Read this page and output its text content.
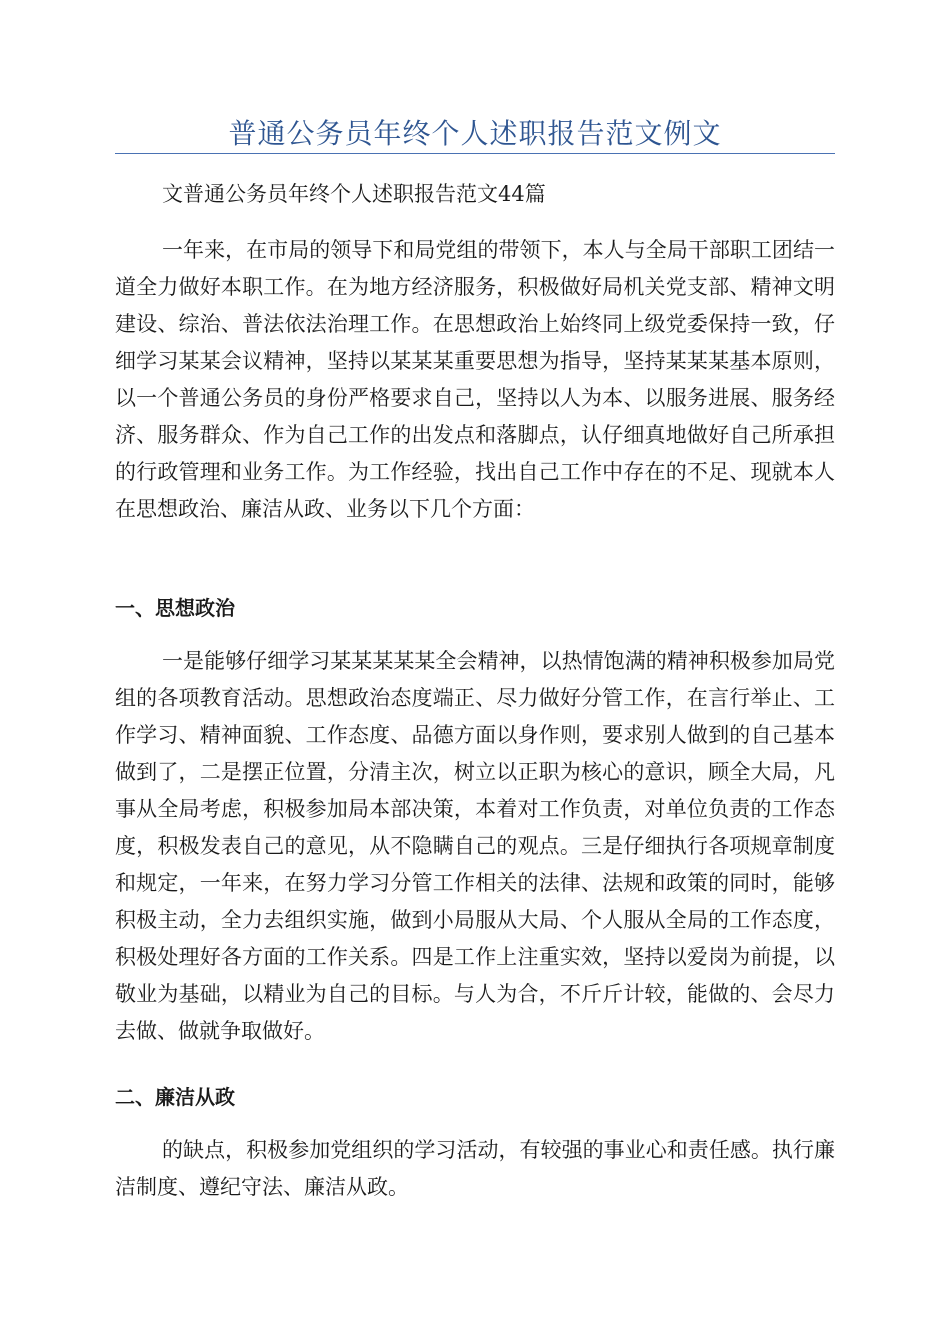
普通公务员年终个人述职报告范文例文
文普通公务员年终个人述职报告范文44篇

一年来，在市局的领导下和局党组的带领下，本人与全局干部职工团结一道全力做好本职工作。在为地方经济服务，积极做好局机关党支部、精神文明建设、综治、普法依法治理工作。在思想政治上始终同上级党委保持一致，仔细学习某某会议精神，坚持以某某某重要思想为指导，坚持某某某基本原则，以一个普通公务员的身份严格要求自己，坚持以人为本、以服务进展、服务经济、服务群众、作为自己工作的出发点和落脚点，认仔细真地做好自己所承担的行政管理和业务工作。为工作经验，找出自己工作中存在的不足、现就本人在思想政治、廉洁从政、业务以下几个方面：

一、思想政治

一是能够仔细学习某某某某某全会精神，以热情饱满的精神积极参加局党组的各项教育活动。思想政治态度端正、尽力做好分管工作，在言行举止、工作学习、精神面貌、工作态度、品德方面以身作则，要求别人做到的自己基本做到了，二是摆正位置，分清主次，树立以正职为核心的意识，顾全大局，凡事从全局考虑，积极参加局本部决策，本着对工作负责，对单位负责的工作态度，积极发表自己的意见，从不隐瞒自己的观点。三是仔细执行各项规章制度和规定，一年来，在努力学习分管工作相关的法律、法规和政策的同时，能够积极主动，全力去组织实施，做到小局服从大局、个人服从全局的工作态度，积极处理好各方面的工作关系。四是工作上注重实效，坚持以爱岗为前提，以敬业为基础，以精业为自己的目标。与人为合，不斤斤计较，能做的、会尽力去做、做就争取做好。

二、廉洁从政

的缺点，积极参加党组织的学习活动，有较强的事业心和责任感。执行廉洁制度、遵纪守法、廉洁从政。
